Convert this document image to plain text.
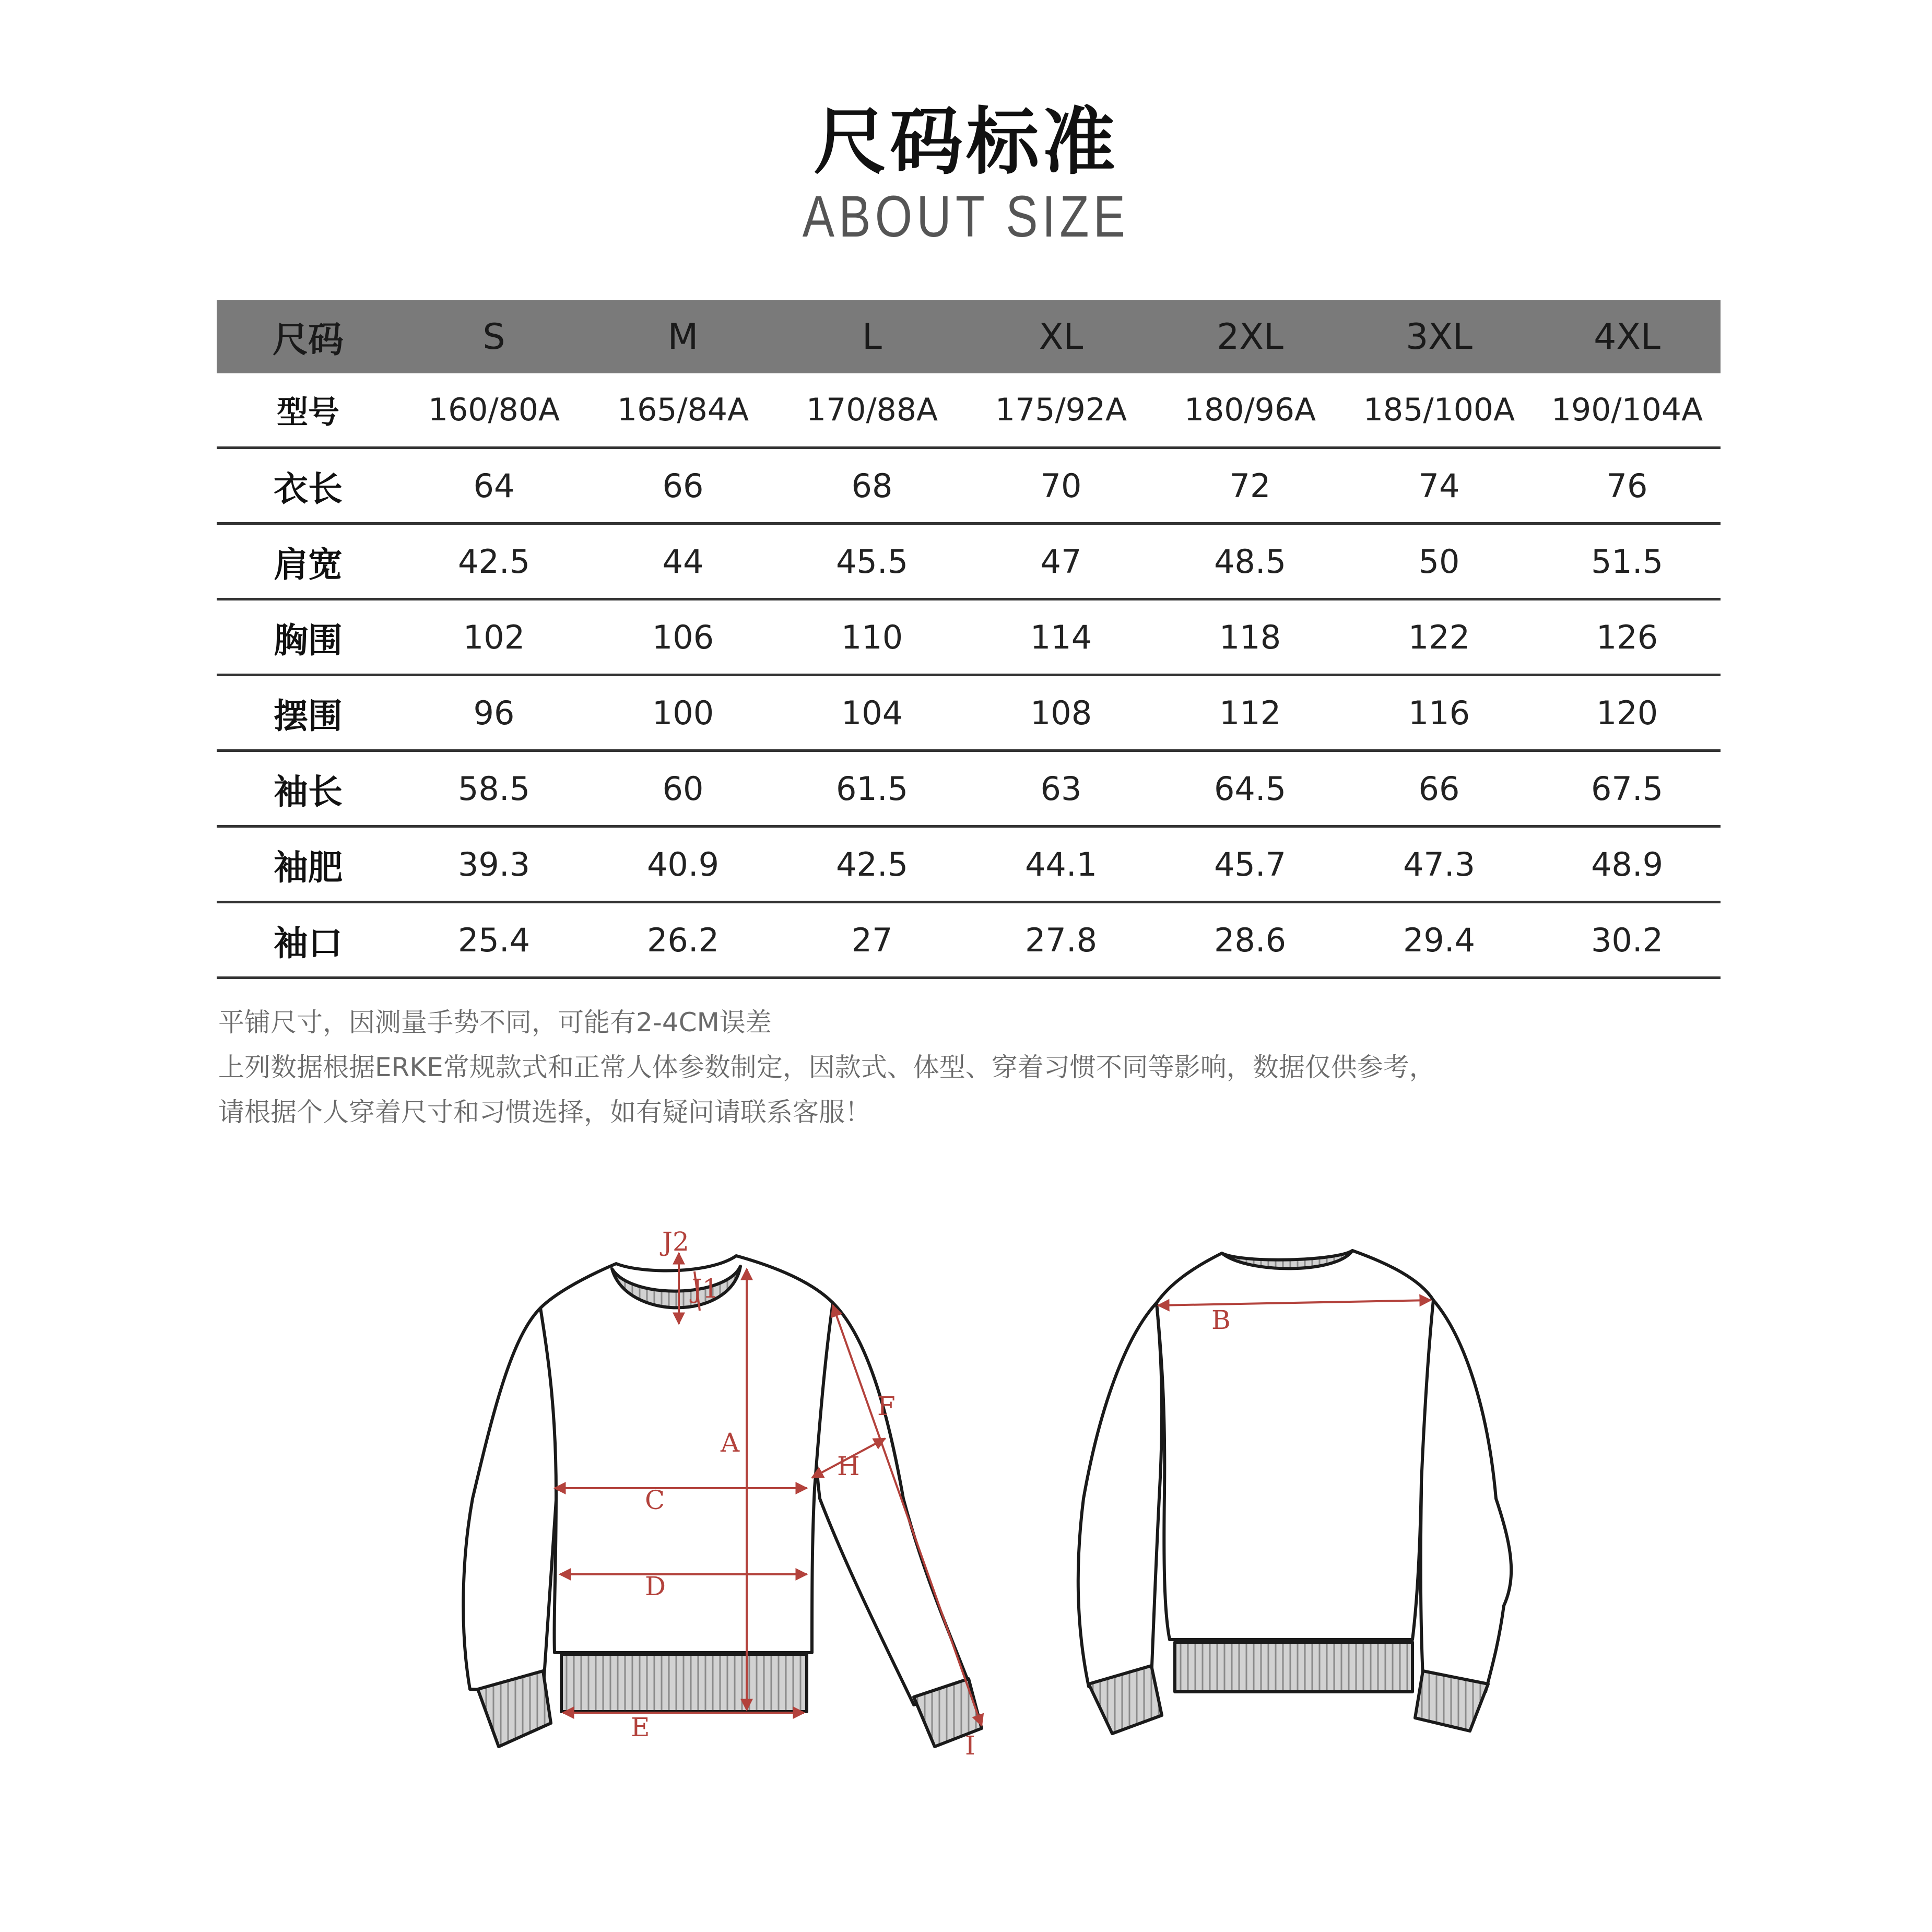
尺码标准
ABOUT SIZE
尺码	S	M	L	XL	2XL	3XL	4XL
型号	160/80A	165/84A	170/88A	175/92A	180/96A	185/100A	190/104A
衣长	64	66	68	70	72	74	76
肩宽	42.5	44	45.5	47	48.5	50	51.5
胸围	102	106	110	114	118	122	126
摆围	96	100	104	108	112	116	120
袖长	58.5	60	61.5	63	64.5	66	67.5
袖肥	39.3	40.9	42.5	44.1	45.7	47.3	48.9
袖口	25.4	26.2	27	27.8	28.6	29.4	30.2
平铺尺寸，因测量手势不同，可能有2-4CM误差
上列数据根据ERKE常规款式和正常人体参数制定，因款式、体型、穿着习惯不同等影响，数据仅供参考，
请根据个人穿着尺寸和习惯选择，如有疑问请联系客服！
J2
J1
A
F
H
C
D
E
I
B
